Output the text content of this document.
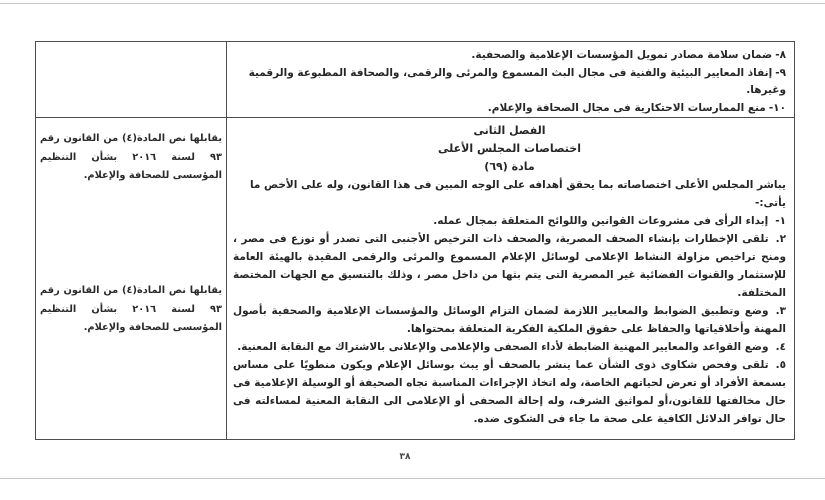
٨-ضمان سلامة مصادر تمويل المؤسسات الإعلامية والصحفية.
٩-إنفاذ المعايير البيئية والفنية فى مجال البث المسموع والمرئى والرقمى، والصحافة المطبوعة والرقمية وغيرها.
١٠-منع الممارسات الاحتكارية فى مجال الصحافة والإعلام.
يقابلها نص المادة(٤) من القانون رقم ٩٣ لسنة ٢٠١٦ بشأن التنظيم المؤسسى للصحافة والإعلام.
يقابلها نص المادة(٤) من القانون رقم ٩٣ لسنة ٢٠١٦ بشأن التنظيم المؤسسى للصحافة والإعلام.
الفصل الثانى
اختصاصات المجلس الأعلى
مادة (٦٩)
يباشر المجلس الأعلى اختصاصاته بما يحقق أهدافه على الوجه المبين فى هذا القانون، وله على الأخص ما يأتى:-
١-إبداء الرأى فى مشروعات القوانين واللوائح المتعلقة بمجال عمله.
٢.تلقى الإخطارات بإنشاء الصحف المصرية، والصحف ذات الترخيص الأجنبى التى تصدر أو توزع فى مصر ، ومنح تراخيص مزاولة النشاط الإعلامى لوسائل الإعلام المسموع والمرئى والرقمى المقيدة بالهيئة العامة للإستثمار والقنوات الفضائية غير المصرية التى يتم بثها من داخل مصر ، وذلك بالتنسيق مع الجهات المختصة المختلفة.
٣.وضع وتطبيق الضوابط والمعايير اللازمة لضمان التزام الوسائل والمؤسسات الإعلامية والصحفية بأصول المهنة وأخلاقياتها والحفاظ على حقوق الملكية الفكرية المتعلقة بمحتواها.
٤.وضع القواعد والمعايير المهنية الضابطة لأداء الصحفى والإعلامى والإعلانى بالاشتراك مع النقابة المعنية.
٥.تلقى وفحص شكاوى ذوى الشأن عما ينشر بالصحف أو يبث بوسائل الإعلام ويكون منطويًا على مساس بسمعة الأفراد أو تعرض لحياتهم الخاصة، وله اتخاذ الإجراءات المناسبة تجاه الصحيفة أو الوسيلة الإعلامية فى حال مخالفتها للقانون،أو لمواثيق الشرف، وله إحالة الصحفى أو الإعلامى الى النقابة المعنية لمساءلته فى حال توافر الدلائل الكافية على صحة ما جاء فى الشكوى ضده.
٣٨
